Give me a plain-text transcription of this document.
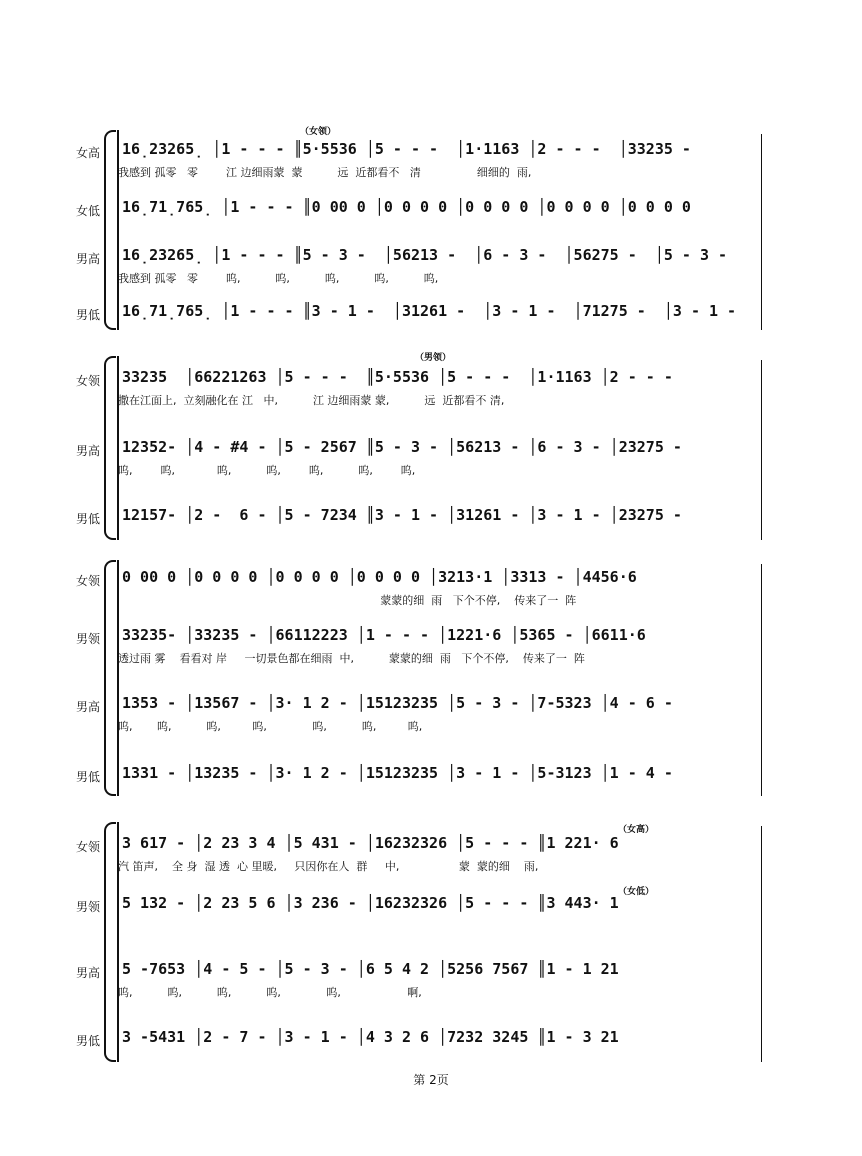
（女领）
女高 16̣23265̣ │1 - - - ║5·5536 │5 - - -  │1·1163 │2 - - -  │33235 -
我感到 孤零   零        江 边细雨蒙  蒙          远  近都看不   清                细细的  雨,
女低 16̣71̣765̣ │1 - - - ║0 00 0 │0 0 0 0 │0 0 0 0 │0 0 0 0 │0 0 0 0
男高 16̣23265̣ │1 - - - ║5 - 3 -  │56213 -  │6 - 3 -  │56275 -  │5 - 3 -
我感到 孤零   零        呜,          呜,          呜,          呜,          呜,
男低 16̣71̣765̣ │1 - - - ║3 - 1 -  │31261 -  │3 - 1 -  │71275 -  │3 - 1 -
（男领）
女领 33235  │66221263 │5 - - -  ║5·5536 │5 - - -  │1·1163 │2 - - -
撒在江面上,  立刻融化在 江   中,          江 边细雨蒙 蒙,          远  近都看不 清,
男高 12352- │4 - #4 - │5 - 2567 ║5 - 3 - │56213 - │6 - 3 - │23275 -
呜,        呜,            呜,          呜,        呜,          呜,        呜,
男低 12157- │2 -  6 - │5 - 7234 ║3 - 1 - │31261 - │3 - 1 - │23275 -
女领 0 00 0 │0 0 0 0 │0 0 0 0 │0 0 0 0 │3213·1 │3313 - │4456·6
蒙蒙的细  雨   下个不停,    传来了一  阵
男领 33235- │33235 - │66112223 │1 - - - │1221·6 │5365 - │6611·6
透过雨 雾    看看对 岸     一切景色都在细雨  中,          蒙蒙的细  雨   下个不停,    传来了一  阵
男高 1353 - │13567 - │3· 1 2 - │15123235 │5 - 3 - │7-5323 │4 - 6 -
呜,       呜,          呜,         呜,             呜,          呜,         呜,
男低 1331 - │13235 - │3· 1 2 - │15123235 │3 - 1 - │5-3123 │1 - 4 -
（女高）
（女低）
女领 3 617 - │2 23 3 4 │5 431 - │16232326 │5 - - - ║1 221· 6
汽 笛声,    全 身  湿 透  心 里暖,     只因你在人  群     中,                 蒙  蒙的细    雨,
男领 5 132 - │2 23 5 6 │3 236 - │16232326 │5 - - - ║3 443· 1
男高 5 -7653 │4 - 5 - │5 - 3 - │6 5 4 2 │5256 7567 ║1 - 1 21
呜,          呜,          呜,          呜,             呜,                   啊,
男低 3 -5431 │2 - 7 - │3 - 1 - │4 3 2 6 │7232 3245 ║1 - 3 21
第 2页
